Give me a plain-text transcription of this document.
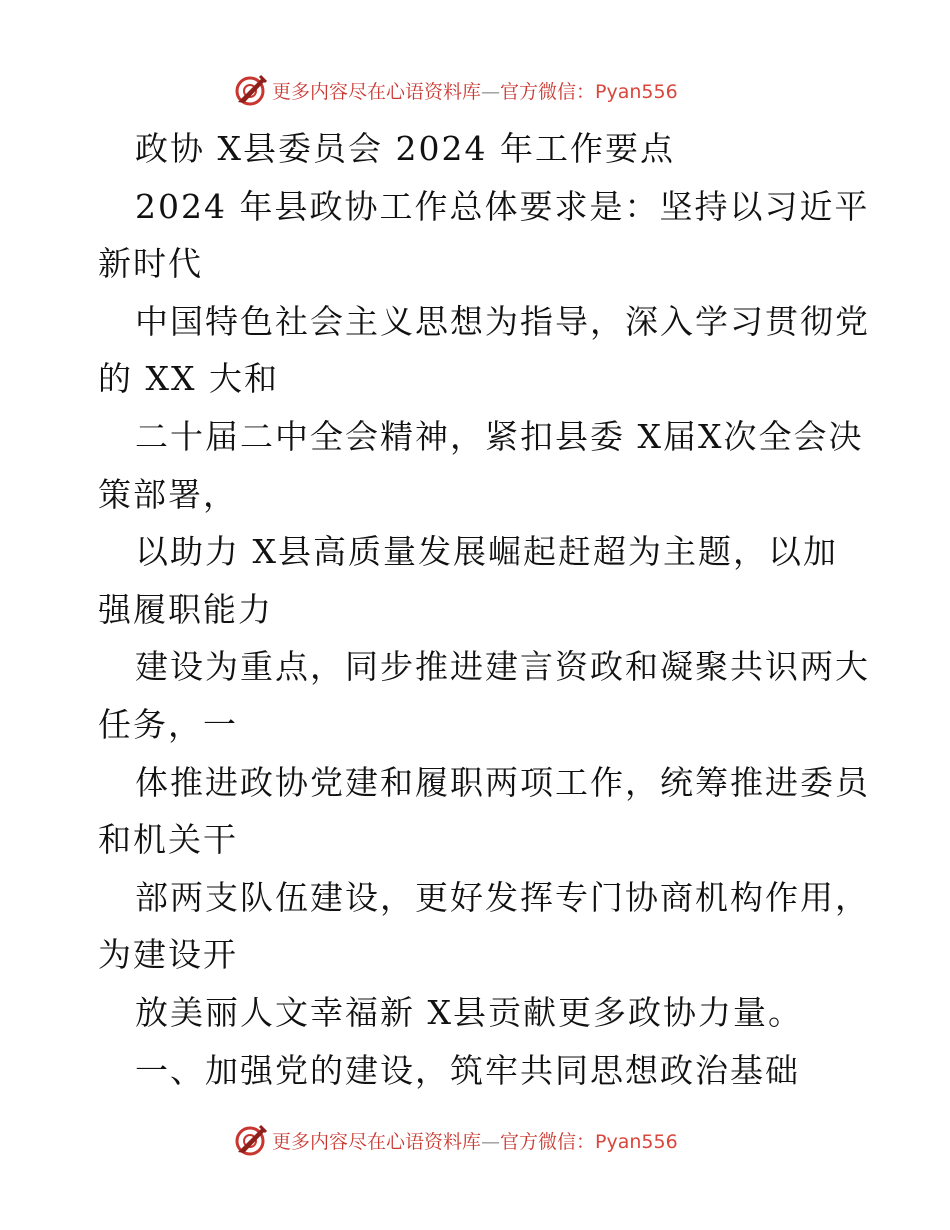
更多内容尽在心语资料库—官方微信：Pyan556
政协 X县委员会 2024 年工作要点
2024 年县政协工作总体要求是：坚持以习近平
新时代
中国特色社会主义思想为指导，深入学习贯彻党
的 XX 大和
二十届二中全会精神，紧扣县委 X届X次全会决
策部署，
以助力 X县高质量发展崛起赶超为主题，以加
强履职能力
建设为重点，同步推进建言资政和凝聚共识两大
任务，一
体推进政协党建和履职两项工作，统筹推进委员
和机关干
部两支队伍建设，更好发挥专门协商机构作用，
为建设开
放美丽人文幸福新 X县贡献更多政协力量。
一、加强党的建设，筑牢共同思想政治基础
更多内容尽在心语资料库—官方微信：Pyan556
